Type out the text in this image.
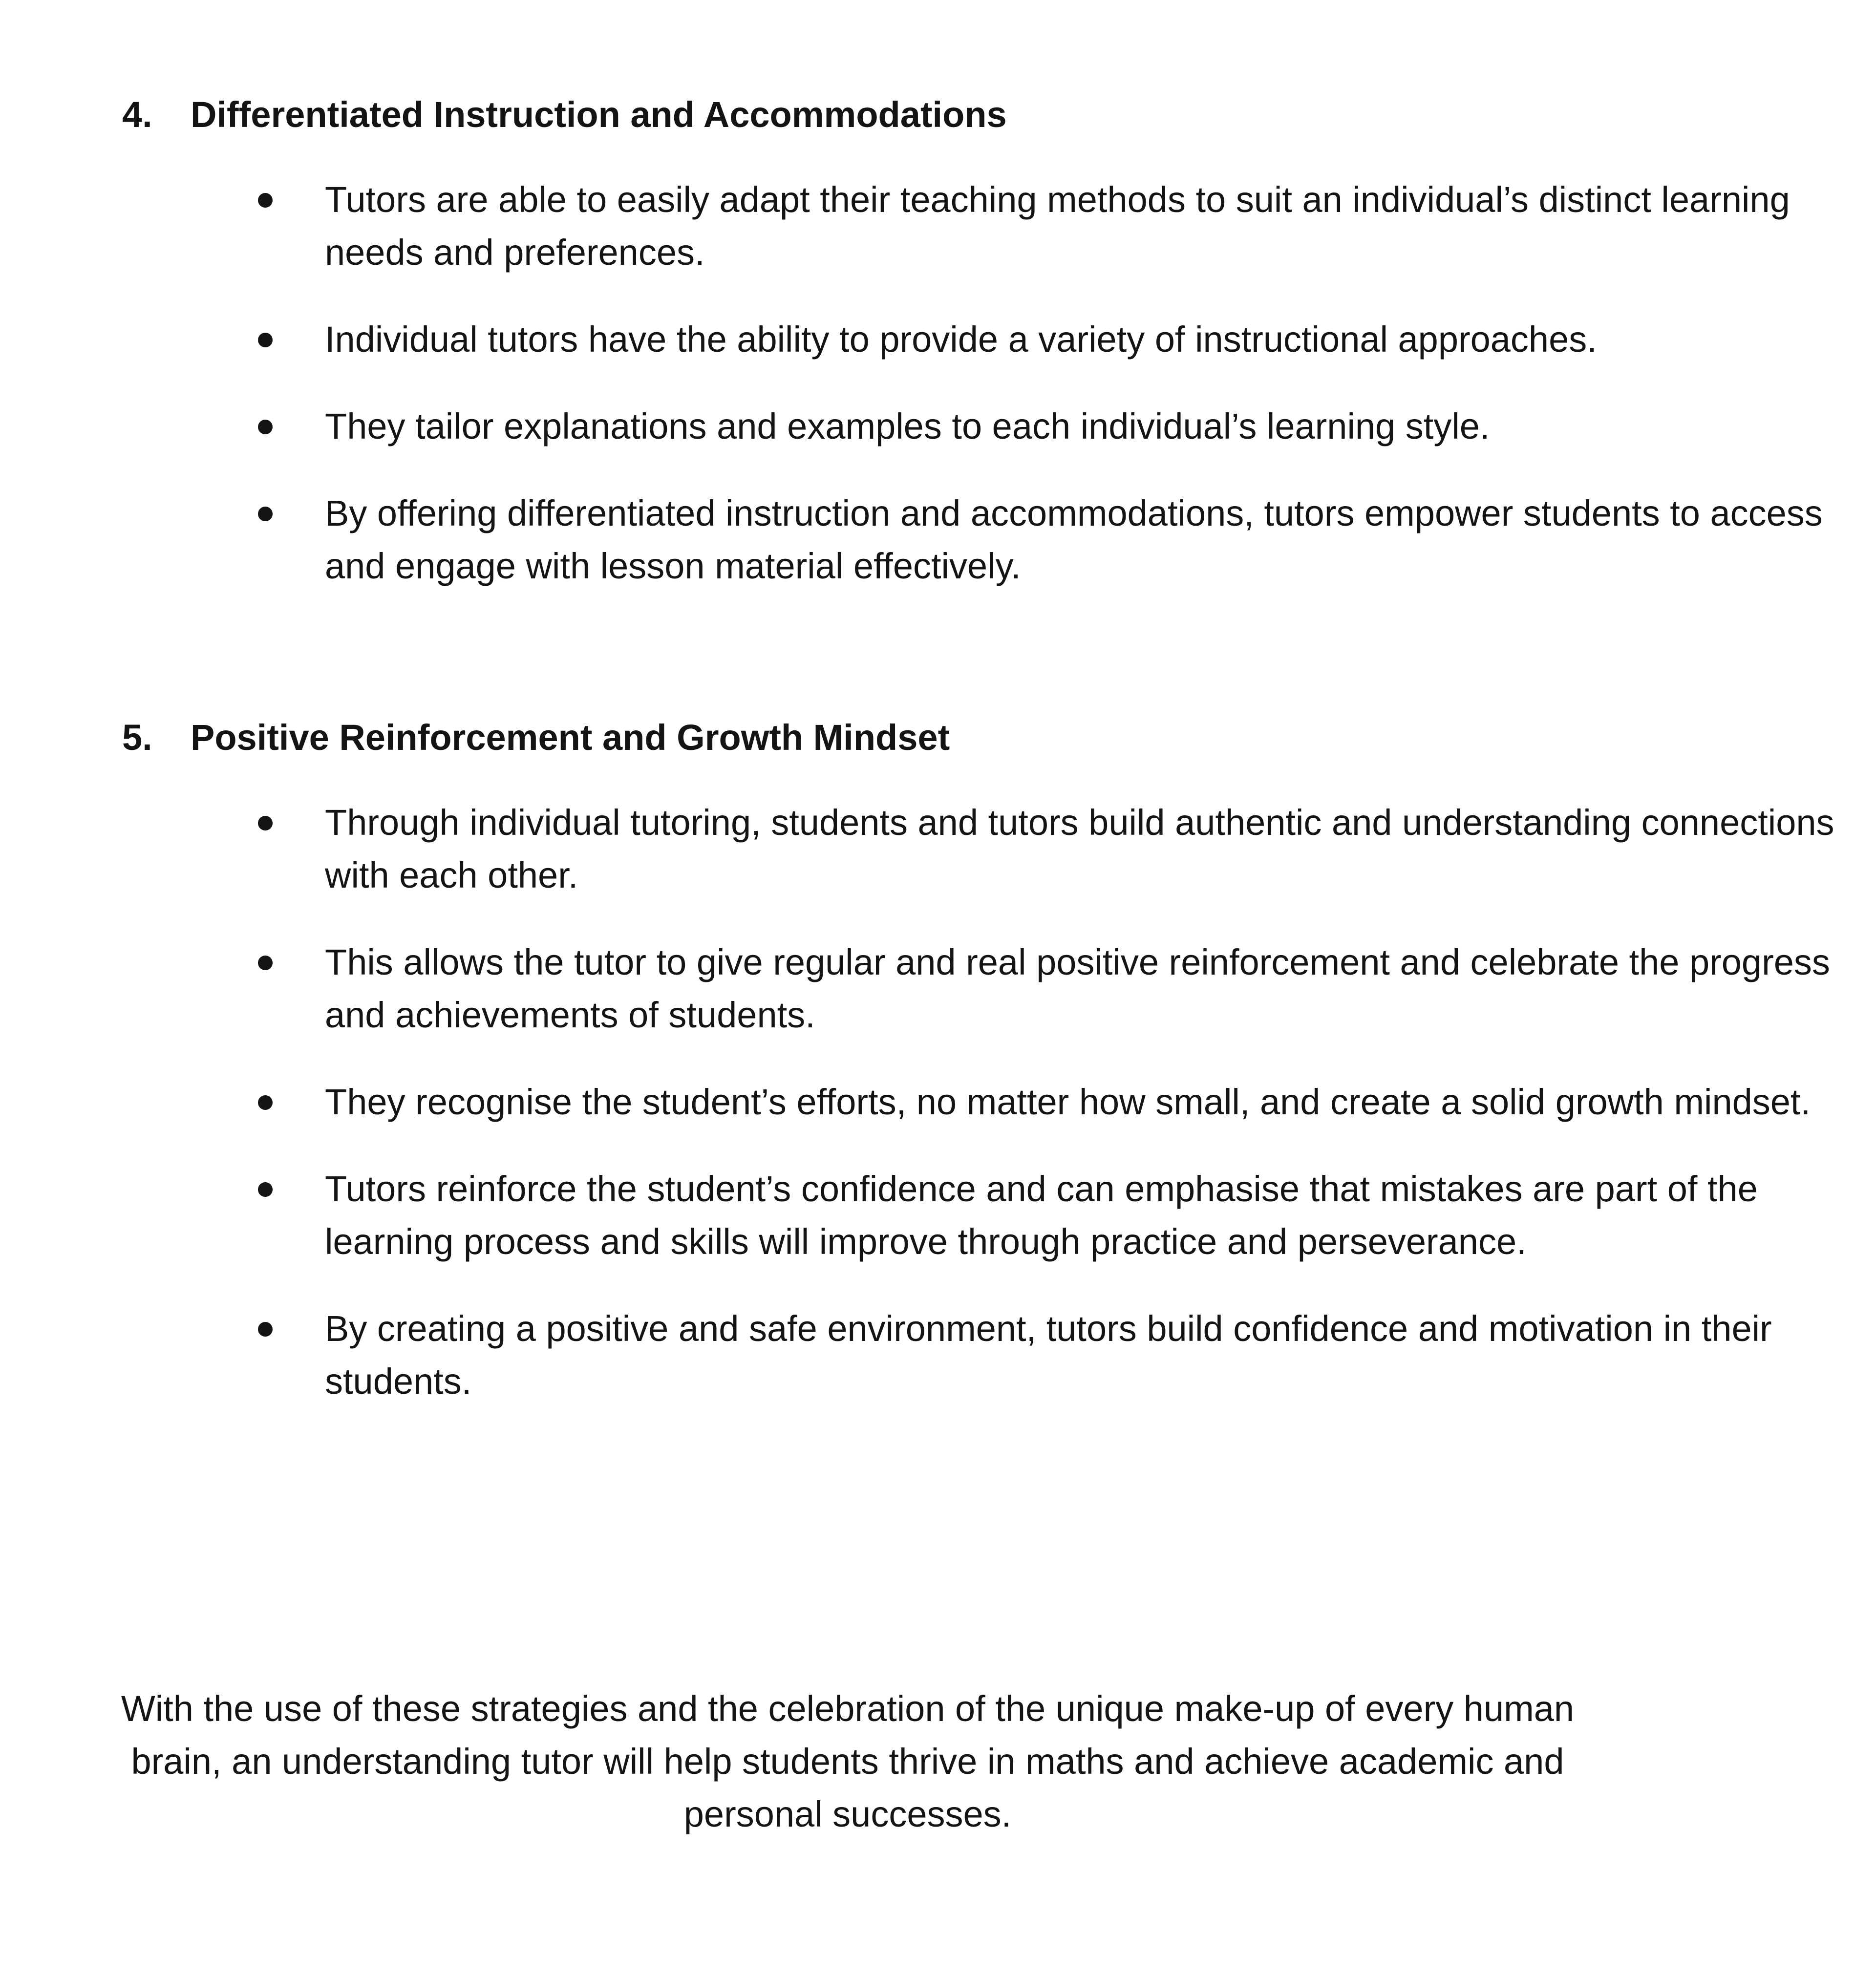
4.	Differentiated Instruction and Accommodations
Tutors are able to easily adapt their teaching methods to suit an individual’s distinct learning needs and preferences.
Individual tutors have the ability to provide a variety of instructional approaches.
They tailor explanations and examples to each individual’s learning style.
By offering differentiated instruction and accommodations, tutors empower students to access and engage with lesson material effectively.
5.	Positive Reinforcement and Growth Mindset
Through individual tutoring, students and tutors build authentic and understanding connections with each other.
This allows the tutor to give regular and real positive reinforcement and celebrate the progress and achievements of students.
They recognise the student’s efforts, no matter how small, and create a solid growth mindset.
Tutors reinforce the student’s confidence and can emphasise that mistakes are part of the learning process and skills will improve through practice and perseverance.
By creating a positive and safe environment, tutors build confidence and motivation in their students.

With the use of these strategies and the celebration of the unique make-up of every human brain, an understanding tutor will help students thrive in maths and achieve academic and personal successes.
